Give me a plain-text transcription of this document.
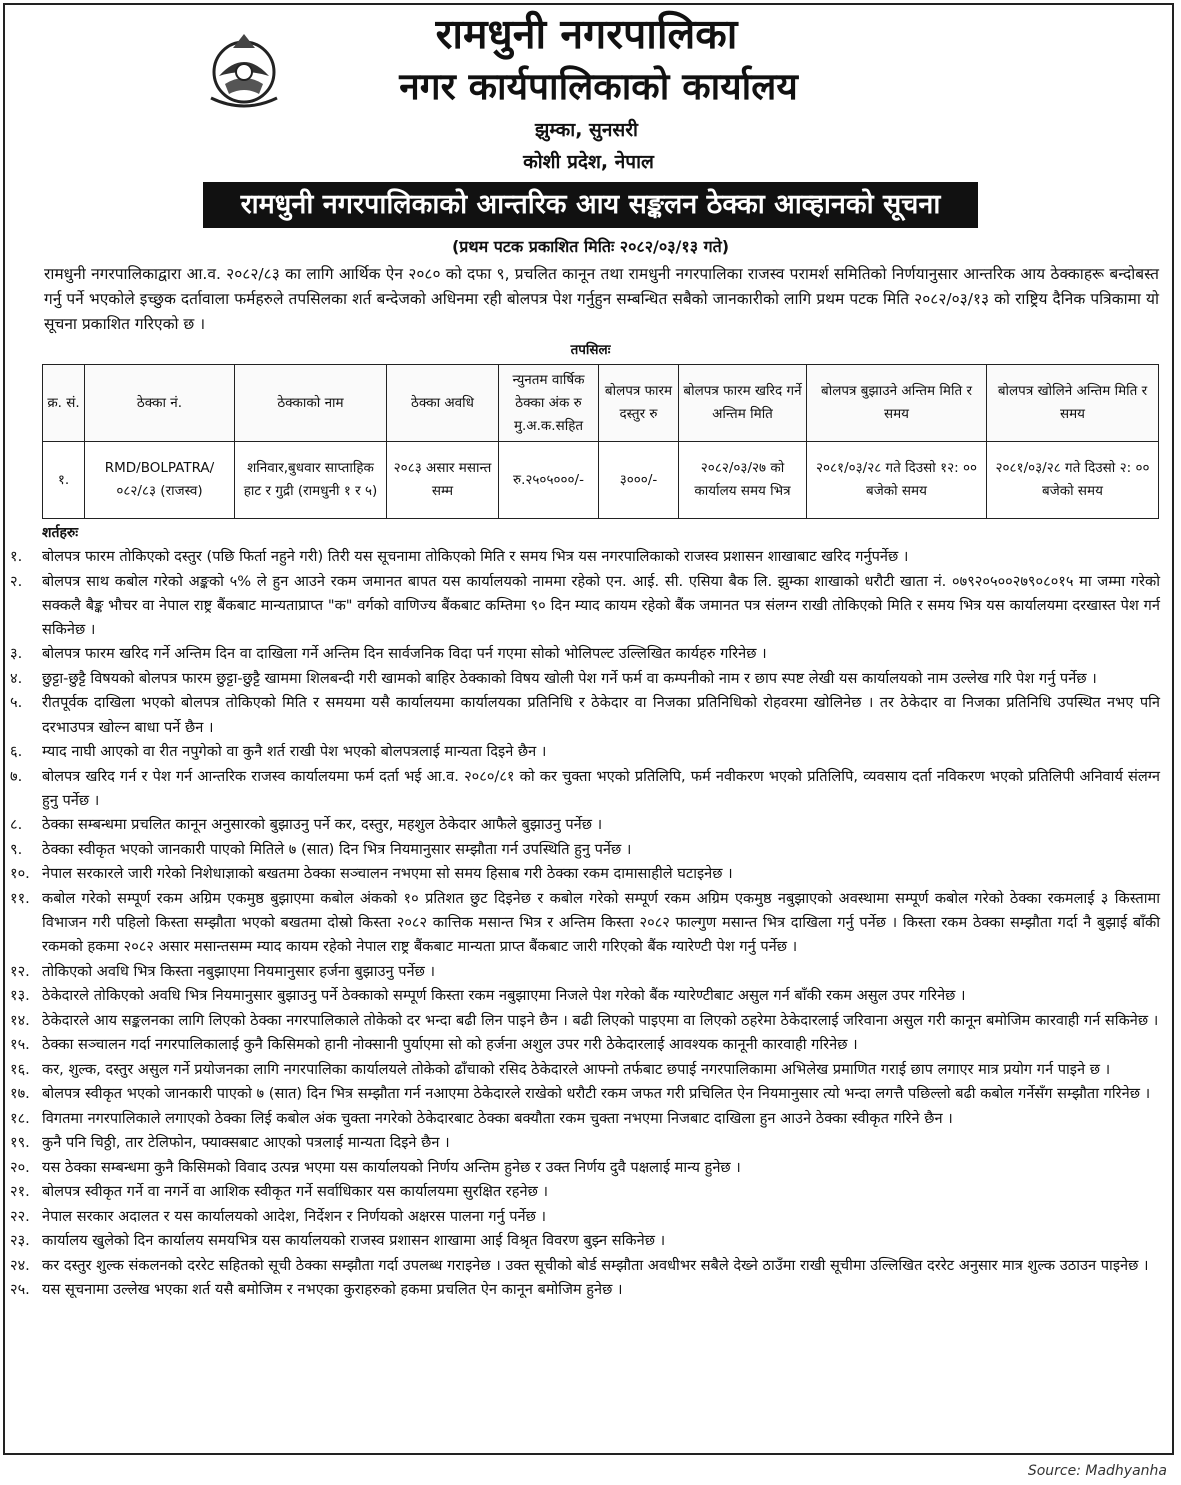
रामधुनी नगरपालिका
नगर कार्यपालिकाको कार्यालय
झुम्का, सुनसरी
कोशी प्रदेश, नेपाल
रामधुनी नगरपालिकाको आन्तरिक आय सङ्कलन ठेक्का आव्हानको सूचना
(प्रथम पटक प्रकाशित मितिः २०८२/०३/१३ गते)
रामधुनी नगरपालिकाद्वारा आ.व. २०८२/८३ का लागि आर्थिक ऐन २०८० को दफा ९, प्रचलित कानून तथा रामधुनी नगरपालिका राजस्व परामर्श समितिको निर्णयानुसार आन्तरिक आय ठेक्काहरू बन्दोबस्त गर्नु पर्ने भएकोले इच्छुक दर्तावाला फर्महरुले तपसिलका शर्त बन्देजको अधिनमा रही बोलपत्र पेश गर्नुहुन सम्बन्धित सबैको जानकारीको लागि प्रथम पटक मिति २०८२/०३/१३ को राष्ट्रिय दैनिक पत्रिकामा यो सूचना प्रकाशित गरिएको छ ।
तपसिलः
क्र. सं.	ठेक्का नं.	ठेक्काको नाम	ठेक्का अवधि	न्युनतम वार्षिक ठेक्का अंक रु मु.अ.क.सहित	बोलपत्र फारम दस्तुर रु	बोलपत्र फारम खरिद गर्ने अन्तिम मिति	बोलपत्र बुझाउने अन्तिम मिति र समय	बोलपत्र खोलिने अन्तिम मिति र समय
१.	RMD/BOLPATRA/ ०८२/८३ (राजस्व)	शनिवार,बुधवार साप्ताहिक हाट र गुद्री (रामधुनी १ र ५)	२०८३ असार मसान्त सम्म	रु.२५०५०००/-	३०००/-	२०८२/०३/२७ को कार्यालय समय भित्र	२०८१/०३/२८ गते दिउसो १२: ०० बजेको समय	२०८१/०३/२८ गते दिउसो २: ०० बजेको समय
शर्तहरुः
१.	बोलपत्र फारम तोकिएको दस्तुर (पछि फिर्ता नहुने गरी) तिरी यस सूचनामा तोकिएको मिति र समय भित्र यस नगरपालिकाको राजस्व प्रशासन शाखाबाट खरिद गर्नुपर्नेछ ।
२.	बोलपत्र साथ कबोल गरेको अङ्कको ५% ले हुन आउने रकम जमानत बापत यस कार्यालयको नाममा रहेको एन. आई. सी. एसिया बैक लि. झुम्का शाखाको धरौटी खाता नं. ०७९२०५००२७९०८०१५ मा जम्मा गरेको सक्कलै बैङ्क भौचर वा नेपाल राष्ट्र बैंकबाट मान्यताप्राप्त "क" वर्गको वाणिज्य बैंकबाट कम्तिमा ९० दिन म्याद कायम रहेको बैंक जमानत पत्र संलग्न राखी तोकिएको मिति र समय भित्र यस कार्यालयमा दरखास्त पेश गर्न सकिनेछ ।
३.	बोलपत्र फारम खरिद गर्ने अन्तिम दिन वा दाखिला गर्ने अन्तिम दिन सार्वजनिक विदा पर्न गएमा सोको भोलिपल्ट उल्लिखित कार्यहरु गरिनेछ ।
४.	छुट्टा-छुट्टै विषयको बोलपत्र फारम छुट्टा-छुट्टै खाममा शिलबन्दी गरी खामको बाहिर ठेक्काको विषय खोली पेश गर्ने फर्म वा कम्पनीको नाम र छाप स्पष्ट लेखी यस कार्यालयको नाम उल्लेख गरि पेश गर्नु पर्नेछ ।
५.	रीतपूर्वक दाखिला भएको बोलपत्र तोकिएको मिति र समयमा यसै कार्यालयमा कार्यालयका प्रतिनिधि र ठेकेदार वा निजका प्रतिनिधिको रोहवरमा खोलिनेछ । तर ठेकेदार वा निजका प्रतिनिधि उपस्थित नभए पनि दरभाउपत्र खोल्न बाधा पर्ने छैन ।
६.	म्याद नाघी आएको वा रीत नपुगेको वा कुनै शर्त राखी पेश भएको बोलपत्रलाई मान्यता दिइने छैन ।
७.	बोलपत्र खरिद गर्न र पेश गर्न आन्तरिक राजस्व कार्यालयमा फर्म दर्ता भई आ.व. २०८०/८१ को कर चुक्ता भएको प्रतिलिपि, फर्म नवीकरण भएको प्रतिलिपि, व्यवसाय दर्ता नविकरण भएको प्रतिलिपी अनिवार्य संलग्न हुनु पर्नेछ ।
८.	ठेक्का सम्बन्धमा प्रचलित कानून अनुसारको बुझाउनु पर्ने कर, दस्तुर, महशुल ठेकेदार आफैले बुझाउनु पर्नेछ ।
९.	ठेक्का स्वीकृत भएको जानकारी पाएको मितिले ७ (सात) दिन भित्र नियमानुसार सम्झौता गर्न उपस्थिति हुनु पर्नेछ ।
१०. नेपाल सरकारले जारी गरेको निशेधाज्ञाको बखतमा ठेक्का सञ्चालन नभएमा सो समय हिसाब गरी ठेक्का रकम दामासाहीले घटाइनेछ ।
११. कबोल गरेको सम्पूर्ण रकम अग्रिम एकमुष्ठ बुझाएमा कबोल अंकको १० प्रतिशत छुट दिइनेछ र कबोल गरेको सम्पूर्ण रकम अग्रिम एकमुष्ठ नबुझाएको अवस्थामा सम्पूर्ण कबोल गरेको ठेक्का रकमलाई ३ किस्तामा विभाजन गरी पहिलो किस्ता सम्झौता भएको बखतमा दोस्रो किस्ता २०८२ कात्तिक मसान्त भित्र र अन्तिम किस्ता २०८२ फाल्गुण मसान्त भित्र दाखिला गर्नु पर्नेछ । किस्ता रकम ठेक्का सम्झौता गर्दा नै बुझाई बाँकी रकमको हकमा २०८२ असार मसान्तसम्म म्याद कायम रहेको नेपाल राष्ट्र बैंकबाट मान्यता प्राप्त बैंकबाट जारी गरिएको बैंक ग्यारेण्टी पेश गर्नु पर्नेछ ।
१२. तोकिएको अवधि भित्र किस्ता नबुझाएमा नियमानुसार हर्जना बुझाउनु पर्नेछ ।
१३. ठेकेदारले तोकिएको अवधि भित्र नियमानुसार बुझाउनु पर्ने ठेक्काको सम्पूर्ण किस्ता रकम नबुझाएमा निजले पेश गरेको बैंक ग्यारेण्टीबाट असुल गर्न बाँकी रकम असुल उपर गरिनेछ ।
१४. ठेकेदारले आय सङ्कलनका लागि लिएको ठेक्का नगरपालिकाले तोकेको दर भन्दा बढी लिन पाइने छैन । बढी लिएको पाइएमा वा लिएको ठहरेमा ठेकेदारलाई जरिवाना असुल गरी कानून बमोजिम कारवाही गर्न सकिनेछ ।
१५. ठेक्का सञ्चालन गर्दा नगरपालिकालाई कुनै किसिमको हानी नोक्सानी पुर्याएमा सो को हर्जना अशुल उपर गरी ठेकेदारलाई आवश्यक कानूनी कारवाही गरिनेछ ।
१६. कर, शुल्क, दस्तुर असुल गर्ने प्रयोजनका लागि नगरपालिका कार्यालयले तोकेको ढाँचाको रसिद ठेकेदारले आफ्नो तर्फबाट छपाई नगरपालिकामा अभिलेख प्रमाणित गराई छाप लगाएर मात्र प्रयोग गर्न पाइने छ ।
१७. बोलपत्र स्वीकृत भएको जानकारी पाएको ७ (सात) दिन भित्र सम्झौता गर्न नआएमा ठेकेदारले राखेको धरौटी रकम जफत गरी प्रचिलित ऐन नियमानुसार त्यो भन्दा लगत्तै पछिल्लो बढी कबोल गर्नेसँग सम्झौता गरिनेछ ।
१८. विगतमा नगरपालिकाले लगाएको ठेक्का लिई कबोल अंक चुक्ता नगरेको ठेकेदारबाट ठेक्का बक्यौता रकम चुक्ता नभएमा निजबाट दाखिला हुन आउने ठेक्का स्वीकृत गरिने छैन ।
१९. कुनै पनि चिठ्ठी, तार टेलिफोन, फ्याक्सबाट आएको पत्रलाई मान्यता दिइने छैन ।
२०. यस ठेक्का सम्बन्धमा कुनै किसिमको विवाद उत्पन्न भएमा यस कार्यालयको निर्णय अन्तिम हुनेछ र उक्त निर्णय दुवै पक्षलाई मान्य हुनेछ ।
२१. बोलपत्र स्वीकृत गर्ने वा नगर्ने वा आशिक स्वीकृत गर्ने सर्वाधिकार यस कार्यालयमा सुरक्षित रहनेछ ।
२२. नेपाल सरकार अदालत र यस कार्यालयको आदेश, निर्देशन र निर्णयको अक्षरस पालना गर्नु पर्नेछ ।
२३. कार्यालय खुलेको दिन कार्यालय समयभित्र यस कार्यालयको राजस्व प्रशासन शाखामा आई विश्रृत विवरण बुझ्न सकिनेछ ।
२४. कर दस्तुर शुल्क संकलनको दररेट सहितको सूची ठेक्का सम्झौता गर्दा उपलब्ध गराइनेछ । उक्त सूचीको बोर्ड सम्झौता अवधीभर सबैले देख्ने ठाउँमा राखी सूचीमा उल्लिखित दररेट अनुसार मात्र शुल्क उठाउन पाइनेछ ।
२५. यस सूचनामा उल्लेख भएका शर्त यसै बमोजिम र नभएका कुराहरुको हकमा प्रचलित ऐन कानून बमोजिम हुनेछ ।
Source: Madhyanha
